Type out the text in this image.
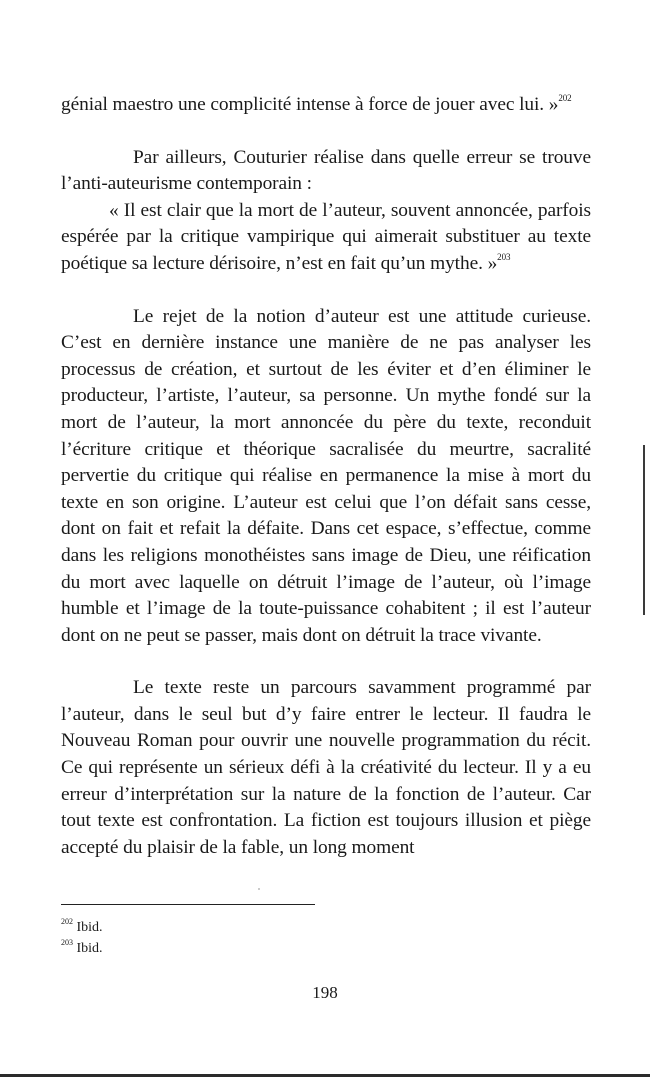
génial maestro une complicité intense à force de jouer avec lui. »$^{202}$

Par ailleurs, Couturier réalise dans quelle erreur se trouve l’anti-auteurisme contemporain :

« Il est clair que la mort de l’auteur, souvent annoncée, parfois espérée par la critique vampirique qui aimerait substituer au texte poétique sa lecture dérisoire, n’est en fait qu’un mythe. »$^{203}$

Le rejet de la notion d’auteur est une attitude curieuse. C’est en dernière instance une manière de ne pas analyser les processus de création, et surtout de les éviter et d’en éliminer le producteur, l’artiste, l’auteur, sa personne. Un mythe fondé sur la mort de l’auteur, la mort annoncée du père du texte, reconduit l’écriture critique et théorique sacralisée du meurtre, sacralité pervertie du critique qui réalise en permanence la mise à mort du texte en son origine. L’auteur est celui que l’on défait sans cesse, dont on fait et refait la défaite. Dans cet espace, s’effectue, comme dans les religions monothéistes sans image de Dieu, une réification du mort avec laquelle on détruit l’image de l’auteur, où l’image humble et l’image de la toute-puissance cohabitent ; il est l’auteur dont on ne peut se passer, mais dont on détruit la trace vivante.

Le texte reste un parcours savamment programmé par l’auteur, dans le seul but d’y faire entrer le lecteur. Il faudra le Nouveau Roman pour ouvrir une nouvelle programmation du récit. Ce qui représente un sérieux défi à la créativité du lecteur. Il y a eu erreur d’interprétation sur la nature de la fonction de l’auteur. Car tout texte est confrontation. La fiction est toujours illusion et piège accepté du plaisir de la fable, un long moment

$^{202}$ Ibid.
$^{203}$ Ibid.
198
